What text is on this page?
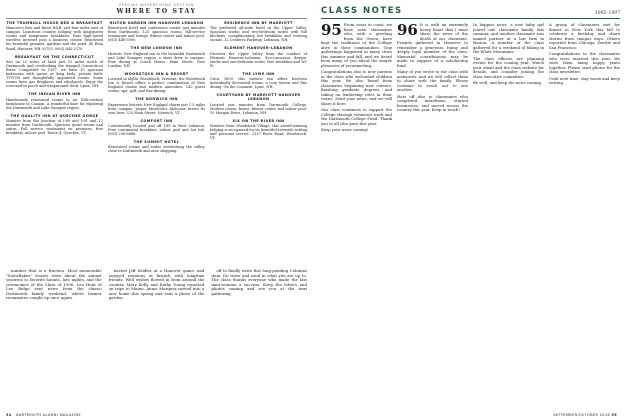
SPECIAL ADVERTISING SECTION
WHERE TO STAY
THE TRUMBULL HOUSE BED & BREAKFAST
Hanover's first and finest B&B, just four miles east of campus. Luxurious country lodging with king/queen rooms and sumptuous breakfasts. Four high-speed wireless Internet plus a business center. Renowned for beautiful grounds, gardens and the pond. 40 Etna Road, Hanover, NH 03755. (603) 643-2370.
BREAKFAST ON THE CONNECTICUT
Sits on 23 acres of land just 12 miles north of Dartmouth and overlooking the tranquil Connecticut River. Completed in 1997, we have 15 spacious bedrooms with queen or king beds, private bath, TV/VCR and thoughtfully appointed rooms. Some rooms have gas fireplaces and whirlpools. Enjoy the screened-in porch and wraparound deck. Lyme, NH.
THE INDIAN RIVER INN
Handsomely renovated rooms in an 18th-century farmhouse in Canaan. A wonderful base for exploring the Dartmouth and Lake Sunapee region.
THE QUALITY INN AT QUECHEE GORGE
Minutes from the Junction of I-89 and I-91 and 12 minutes from Dartmouth. Spacious guest rooms and suites. Full service restaurant on premises, free breakfast, indoor pool. Route 4, Quechee, VT.
HILTON GARDEN INN HANOVER LEBANON
Brand-new hotel and conference center just minutes from Dartmouth. 125 spacious rooms, full-service restaurant and lounge, fitness center and indoor pool. (603) 448-5000.
THE NEW LONDON INN
Historic New England inn in the beautiful Dartmouth and Lake Sunapee region, a short drive to campus. Fine dining at Coach House. Main Street, New London, NH.
WOODSTOCK INN & RESORT
Located in idyllic Woodstock, Vermont, the Woodstock Inn & Resort offers a perfect combination of New England charm and modern amenities. 142 guest rooms, spa, golf, and fine dining.
THE NORWICH INN
Experience historic New England charm just 1.5 miles from campus. Jasper Murdock's Alehouse brews its own beer. 325 Main Street, Norwich, VT.
COMFORT INN
Conveniently located just off I-89 in West Lebanon. Free continental breakfast, indoor pool and hot tub. (603) 298-8888.
THE SUMMIT HOTEL
Renovated rooms and suites overlooking the valley, close to Dartmouth and area shopping.
RESIDENCE INN BY MARRIOTT
The preferred all-suite hotel in the Upper Valley. Spacious studio and two-bedroom suites with full kitchens, complimentary hot breakfast and evening socials. 32 Centerra Parkway, Lebanon, NH.
ELEMENT HANOVER-LEBANON
Discover the Upper Valley from the comfort of Element Hanover-Lebanon. Eco-conscious design, studio and one-bedroom suites, free breakfast and Wi-Fi.
THE LYME INN
Circa 1809, this historic inn offers fourteen individually decorated rooms, a cozy tavern and fine dining. On the Common, Lyme, NH.
COURTYARD BY MARRIOTT HANOVER LEBANON
Located just minutes from Dartmouth College. Modern rooms, bistro, fitness center and indoor pool. 10 Morgan Drive, Lebanon, NH.
SIX ON THE RIVER INN
Minutes from Woodstock Village, this award-winning lodging is recognized for its beautiful riverside setting and personal service. 2137 River Road, Woodstock, VT.

number that is a fraction. Most memorable "Snowflakes" stories were about the annual sojourns to favorite haunts, late nights, and the ceremonies of the Class of 1996. Lou Hunt of Lee Ridge sent news from the classic Dartmouth family weekend, where former roommates caught up once again.

hosted Jeff Seidler at a Hanover game, and enjoyed reunions at brunch with longtime friends. Well wishes flowed in from around the country. Mary Kelly and Kathy Young reported on trips to Maine. Annie Marquez moved into a new home this spring and sent a photo of the garden.

off to finally write this long-pending Columns item. Do write and send in what you are up to. The class thanks everyone who made the last mini-reunion a success. Keep the letters and photos coming and see you at the next gathering.

94 DARTMOUTH ALUMNI MAGAZINE
CLASS NOTES	1995–1997
95 From coast to coast, we have seen classmates who, with a greeting from the Green, have kept the traditions of the College alive in their communities. Tiny gatherings happened in many cities this summer and fall, and we heard from many of you about the simple pleasures of reconnecting.

Congratulations also to new parents in the class who welcomed children this year. We also heard from classmates beginning new careers, finishing graduate degrees, and taking on leadership roles in their towns. Send your news, and we will share it here.

Our class continues to support the College through volunteer work and the Dartmouth College Fund. Thank you to all who gave this year.

Keep your news coming!

96 It is with an extremely heavy heart that I must share the news of the death of our classmate. Friends gathered in Hanover to remember a generous, funny and deeply loyal member of the class. Memorial contributions may be made in support of a scholarship fund.

Many of you wrote to the class with memories, and we will collect them to share with the family. Please continue to reach out to one another.

Hats off also to classmates who completed marathons, started businesses, and moved across the country this year. Keep in touch!

In happier news, a new baby girl joined one classmate family this summer, and another classmate was named partner at a law firm in Boston. A number of the class gathered for a weekend of hiking in the White Mountains.

The class officers are planning events for the coming year. Watch your email and the class website for details, and consider joining the class executive committee.

Be well, and keep the news coming.

A group of classmates met for dinner in New York this fall to celebrate a birthday and share stories from campus days. Others reported from Chicago, Seattle and San Francisco.

Congratulations to the classmates who were married this year. We wish them many happy years together. Please send photos for the class newsletter.

Until next time, stay warm and keep writing.

SEPTEMBER/OCTOBER 2016 95
